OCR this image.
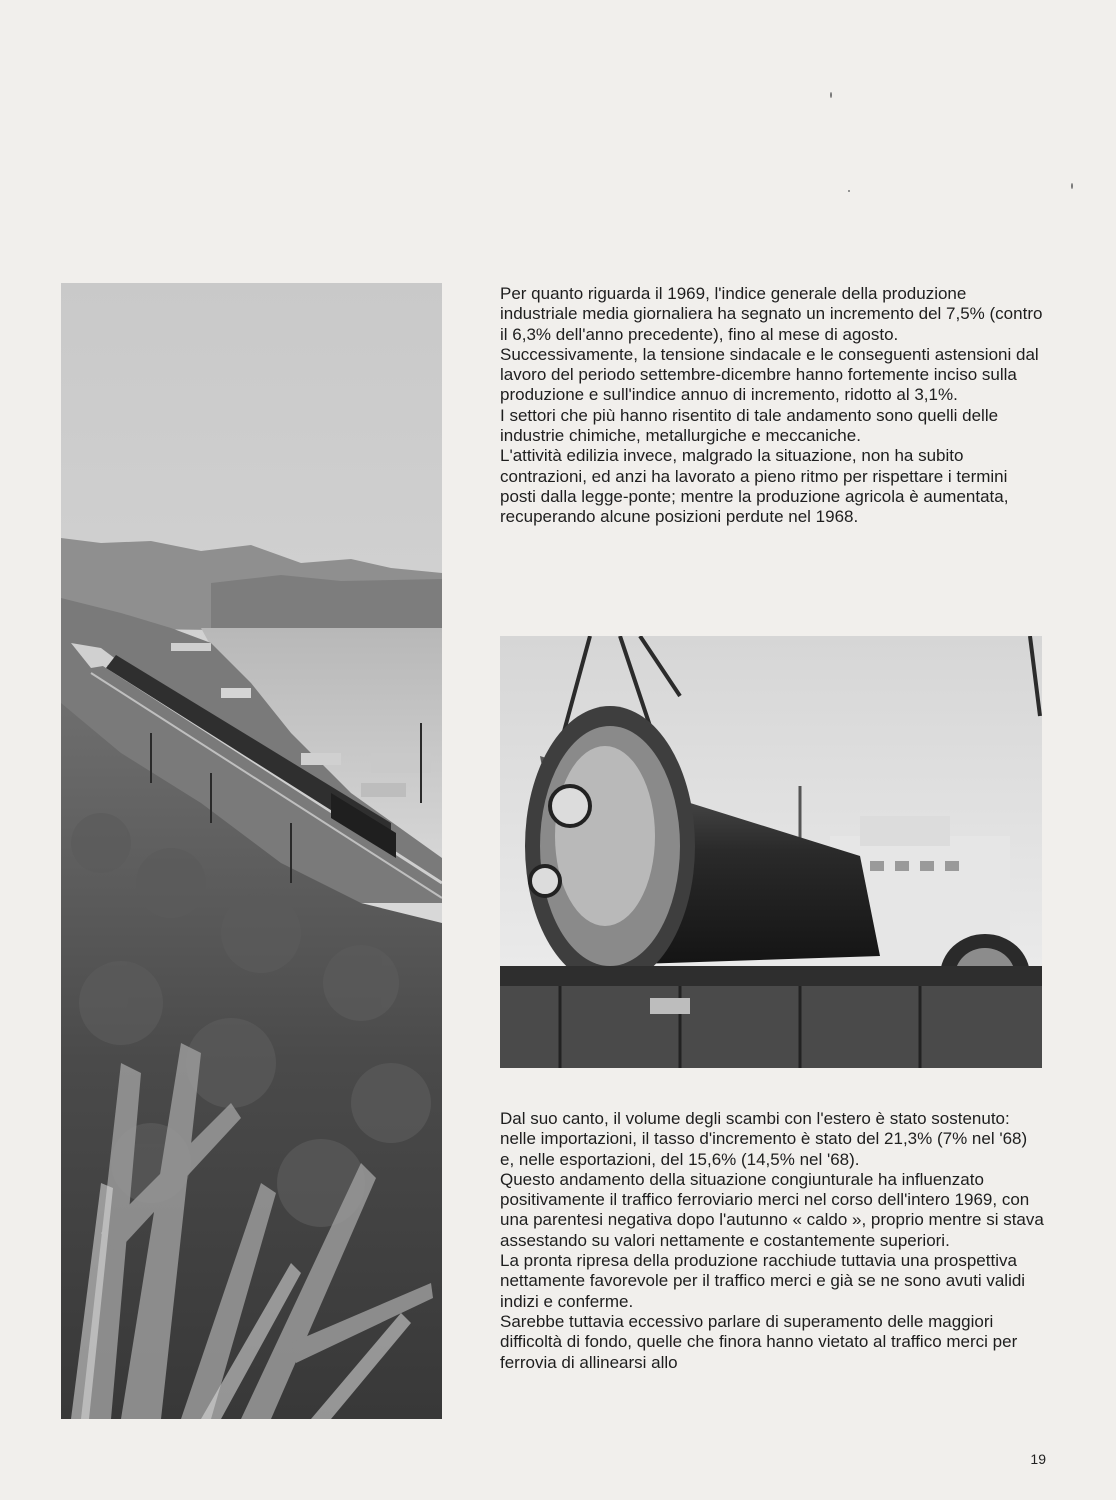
Per quanto riguarda il 1969, l'indice generale della produzione industriale media giornaliera ha segnato un incremento del 7,5% (contro il 6,3% dell'anno precedente), fino al mese di agosto.

Successivamente, la tensione sindacale e le conseguenti astensioni dal lavoro del periodo settembre-dicembre hanno fortemente inciso sulla produzione e sull'indice annuo di incremento, ridotto al 3,1%.

I settori che più hanno risentito di tale andamento sono quelli delle industrie chimiche, metallurgiche e meccaniche.

L'attività edilizia invece, malgrado la situazione, non ha subito contrazioni, ed anzi ha lavorato a pieno ritmo per rispettare i termini posti dalla legge-ponte; mentre la produzione agricola è aumentata, recuperando alcune posizioni perdute nel 1968.

Dal suo canto, il volume degli scambi con l'estero è stato sostenuto: nelle importazioni, il tasso d'incremento è stato del 21,3% (7% nel '68) e, nelle esportazioni, del 15,6% (14,5% nel '68).

Questo andamento della situazione congiunturale ha influenzato positivamente il traffico ferroviario merci nel corso dell'intero 1969, con una parentesi negativa dopo l'autunno « caldo », proprio mentre si stava assestando su valori nettamente e costantemente superiori.

La pronta ripresa della produzione racchiude tuttavia una prospettiva nettamente favorevole per il traffico merci e già se ne sono avuti validi indizi e conferme.

Sarebbe tuttavia eccessivo parlare di superamento delle maggiori difficoltà di fondo, quelle che finora hanno vietato al traffico merci per ferrovia di allinearsi allo

19
